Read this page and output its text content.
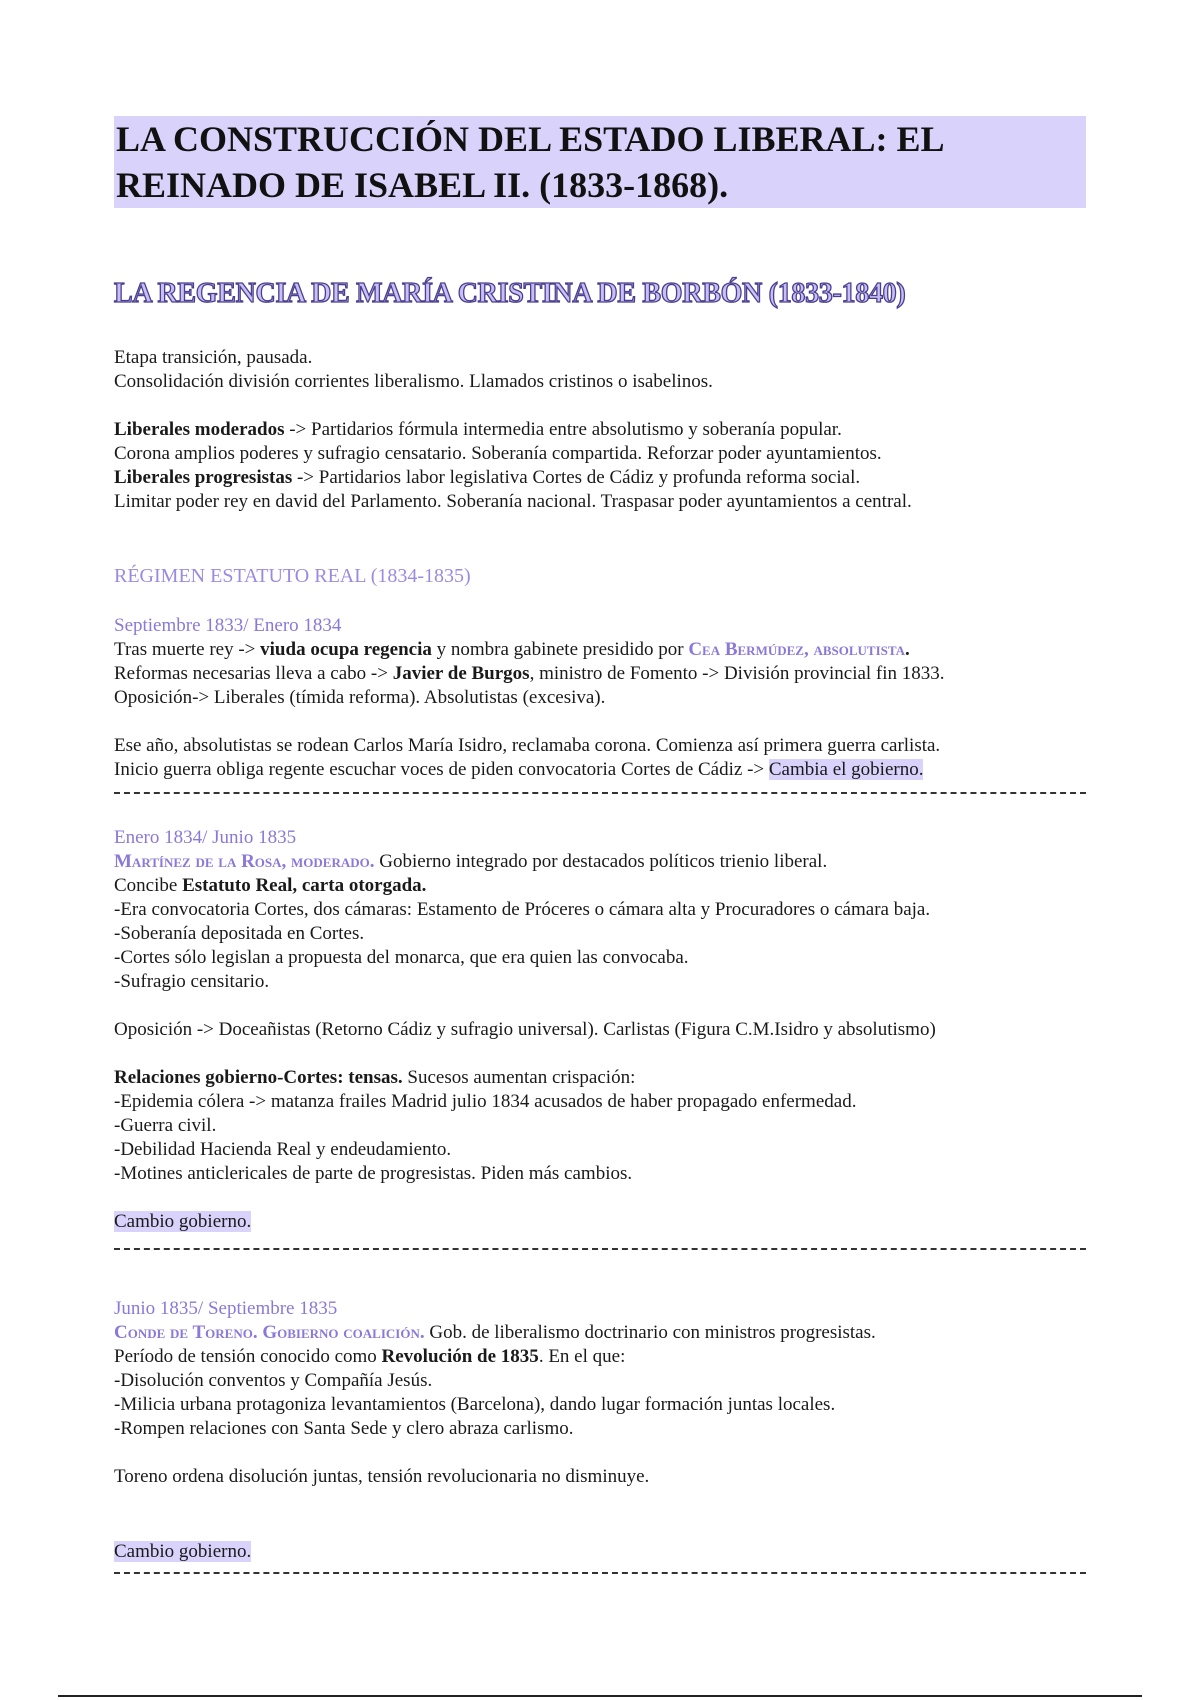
LA CONSTRUCCIÓN DEL ESTADO LIBERAL: EL
REINADO DE ISABEL II. (1833-1868).
LA REGENCIA DE MARÍA CRISTINA DE BORBÓN (1833-1840)

Etapa transición, pausada.

Consolidación división corrientes liberalismo. Llamados cristinos o isabelinos.

Liberales moderados -> Partidarios fórmula intermedia entre absolutismo y soberanía popular.

Corona amplios poderes y sufragio censatario. Soberanía compartida. Reforzar poder ayuntamientos.

Liberales progresistas -> Partidarios labor legislativa Cortes de Cádiz y profunda reforma social.

Limitar poder rey en david del Parlamento. Soberanía nacional. Traspasar poder ayuntamientos a central.

RÉGIMEN ESTATUTO REAL (1834-1835)

Septiembre 1833/ Enero 1834

Tras muerte rey -> viuda ocupa regencia y nombra gabinete presidido por Cea Bermúdez, absolutista.

Reformas necesarias lleva a cabo -> Javier de Burgos, ministro de Fomento -> División provincial fin 1833.

Oposición-> Liberales (tímida reforma). Absolutistas (excesiva).

Ese año, absolutistas se rodean Carlos María Isidro, reclamaba corona. Comienza así primera guerra carlista.

Inicio guerra obliga regente escuchar voces de piden convocatoria Cortes de Cádiz -> Cambia el gobierno.

Enero 1834/ Junio 1835

Martínez de la Rosa, moderado. Gobierno integrado por destacados políticos trienio liberal.

Concibe Estatuto Real, carta otorgada.

-Era convocatoria Cortes, dos cámaras: Estamento de Próceres o cámara alta y Procuradores o cámara baja.

-Soberanía depositada en Cortes.

-Cortes sólo legislan a propuesta del monarca, que era quien las convocaba.

-Sufragio censitario.

Oposición -> Doceañistas (Retorno Cádiz y sufragio universal). Carlistas (Figura C.M.Isidro y absolutismo)

Relaciones gobierno-Cortes: tensas. Sucesos aumentan crispación:

-Epidemia cólera -> matanza frailes Madrid julio 1834 acusados de haber propagado enfermedad.

-Guerra civil.

-Debilidad Hacienda Real y endeudamiento.

-Motines anticlericales de parte de progresistas. Piden más cambios.

Cambio gobierno.

Junio 1835/ Septiembre 1835

Conde de Toreno. Gobierno coalición. Gob. de liberalismo doctrinario con ministros progresistas.

Período de tensión conocido como Revolución de 1835. En el que:

-Disolución conventos y Compañía Jesús.

-Milicia urbana protagoniza levantamientos (Barcelona), dando lugar formación juntas locales.

-Rompen relaciones con Santa Sede y clero abraza carlismo.

Toreno ordena disolución juntas, tensión revolucionaria no disminuye.

Cambio gobierno.
